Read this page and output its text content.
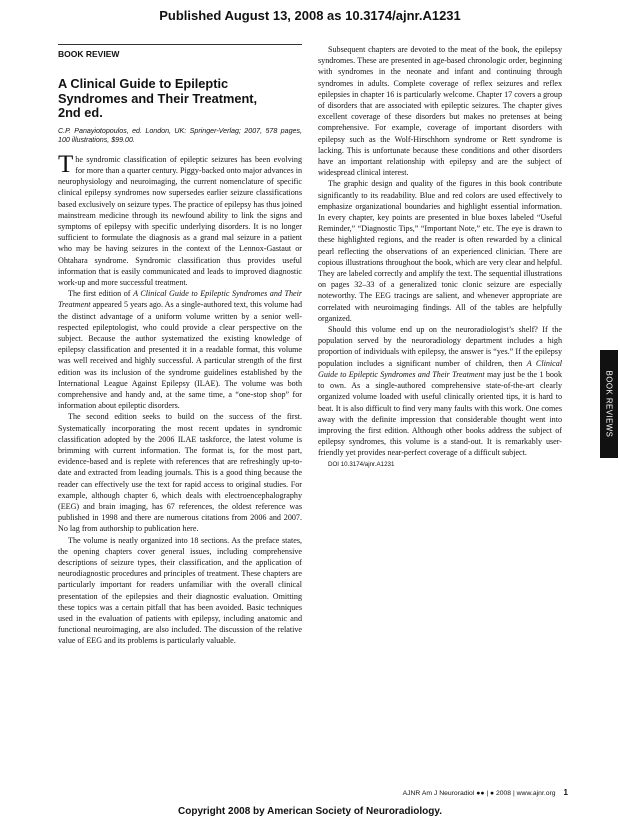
Published August 13, 2008 as 10.3174/ajnr.A1231
BOOK REVIEW
A Clinical Guide to Epileptic
Syndromes and Their Treatment,
2nd ed.
C.P. Panayiotopoulos, ed. London, UK: Springer-Verlag; 2007, 578 pages, 100 illustrations, $99.00.

The syndromic classification of epileptic seizures has been evolving for more than a quarter century. Piggy-backed onto major advances in neurophysiology and neuroimaging, the current nomenclature of specific clinical epilepsy syndromes now supersedes earlier seizure classifications based exclusively on seizure types. The practice of epilepsy has thus joined mainstream medicine through its newfound ability to link the signs and symptoms of epilepsy with specific underlying disorders. It is no longer sufficient to formulate the diagnosis as a grand mal seizure in a patient who may be having seizures in the context of the Lennox-Gastaut or Ohtahara syndrome. Syndromic classification thus provides useful information that is easily communicated and leads to improved diagnostic work-up and more successful treatment.

The first edition of A Clinical Guide to Epileptic Syndromes and Their Treatment appeared 5 years ago. As a single-authored text, this volume had the distinct advantage of a uniform volume written by a senior well-respected epileptologist, who could provide a clear perspective on the subject. Because the author systematized the existing knowledge of epilepsy classification and presented it in a readable format, this volume was well received and highly successful. A particular strength of the first edition was its inclusion of the syndrome guidelines established by the International League Against Epilepsy (ILAE). The volume was both comprehensive and handy and, at the same time, a “one-stop shop” for information about epileptic disorders.

The second edition seeks to build on the success of the first. Systematically incorporating the most recent updates in syndromic classification adopted by the 2006 ILAE taskforce, the latest volume is brimming with current information. The format is, for the most part, evidence-based and is replete with references that are refreshingly up-to-date and extracted from leading journals. This is a good thing because the reader can effectively use the text for rapid access to original studies. For example, although chapter 6, which deals with electroencephalography (EEG) and brain imaging, has 67 references, the oldest reference was published in 1998 and there are numerous citations from 2006 and 2007. No lag from authorship to publication here.

The volume is neatly organized into 18 sections. As the preface states, the opening chapters cover general issues, including comprehensive descriptions of seizure types, their classification, and the application of neurodiagnostic procedures and principles of treatment. These chapters are particularly important for readers unfamiliar with the overall clinical presentation of the epilepsies and their diagnostic evaluation. Omitting these topics was a certain pitfall that has been avoided. Basic techniques used in the evaluation of patients with epilepsy, including anatomic and functional neuroimaging, are also included. The discussion of the relative value of EEG and its problems is particularly valuable.

Subsequent chapters are devoted to the meat of the book, the epilepsy syndromes. These are presented in age-based chronologic order, beginning with syndromes in the neonate and infant and continuing through syndromes in adults. Complete coverage of reflex seizures and reflex epilepsies in chapter 16 is particularly welcome. Chapter 17 covers a group of disorders that are associated with epileptic seizures. The chapter gives excellent coverage of these disorders but makes no pretenses at being comprehensive. For example, coverage of important disorders with epilepsy such as the Wolf-Hirschhorn syndrome or Rett syndrome is lacking. This is unfortunate because these conditions and other disorders have an important relationship with epilepsy and are the subject of widespread clinical interest.

The graphic design and quality of the figures in this book contribute significantly to its readability. Blue and red colors are used effectively to emphasize organizational boundaries and highlight essential information. In every chapter, key points are presented in blue boxes labeled “Useful Reminder,” “Diagnostic Tips,” “Important Note,” etc. The eye is drawn to these highlighted regions, and the reader is often rewarded by a clinical pearl reflecting the observations of an experienced clinician. There are copious illustrations throughout the book, which are very clear and helpful. They are labeled correctly and amplify the text. The sequential illustrations on pages 32–33 of a generalized tonic clonic seizure are especially noteworthy. The EEG tracings are salient, and whenever appropriate are correlated with neuroimaging findings. All of the tables are helpfully organized.

Should this volume end up on the neuroradiologist’s shelf? If the population served by the neuroradiology department includes a high proportion of individuals with epilepsy, the answer is “yes.” If the epilepsy population includes a significant number of children, then A Clinical Guide to Epileptic Syndromes and Their Treatment may just be the 1 book to own. As a single-authored comprehensive state-of-the-art clearly organized volume loaded with useful clinically oriented tips, it is hard to beat. It is also difficult to find very many faults with this work. One comes away with the definite impression that considerable thought went into improving the first edition. Although other books address the subject of epilepsy syndromes, this volume is a stand-out. It is remarkably user-friendly yet provides near-perfect coverage of a difficult subject.

DOI 10.3174/ajnr.A1231

BOOK REVIEWS
AJNR Am J Neuroradiol ●● | ● 2008 | www.ajnr.org 1
Copyright 2008 by American Society of Neuroradiology.
